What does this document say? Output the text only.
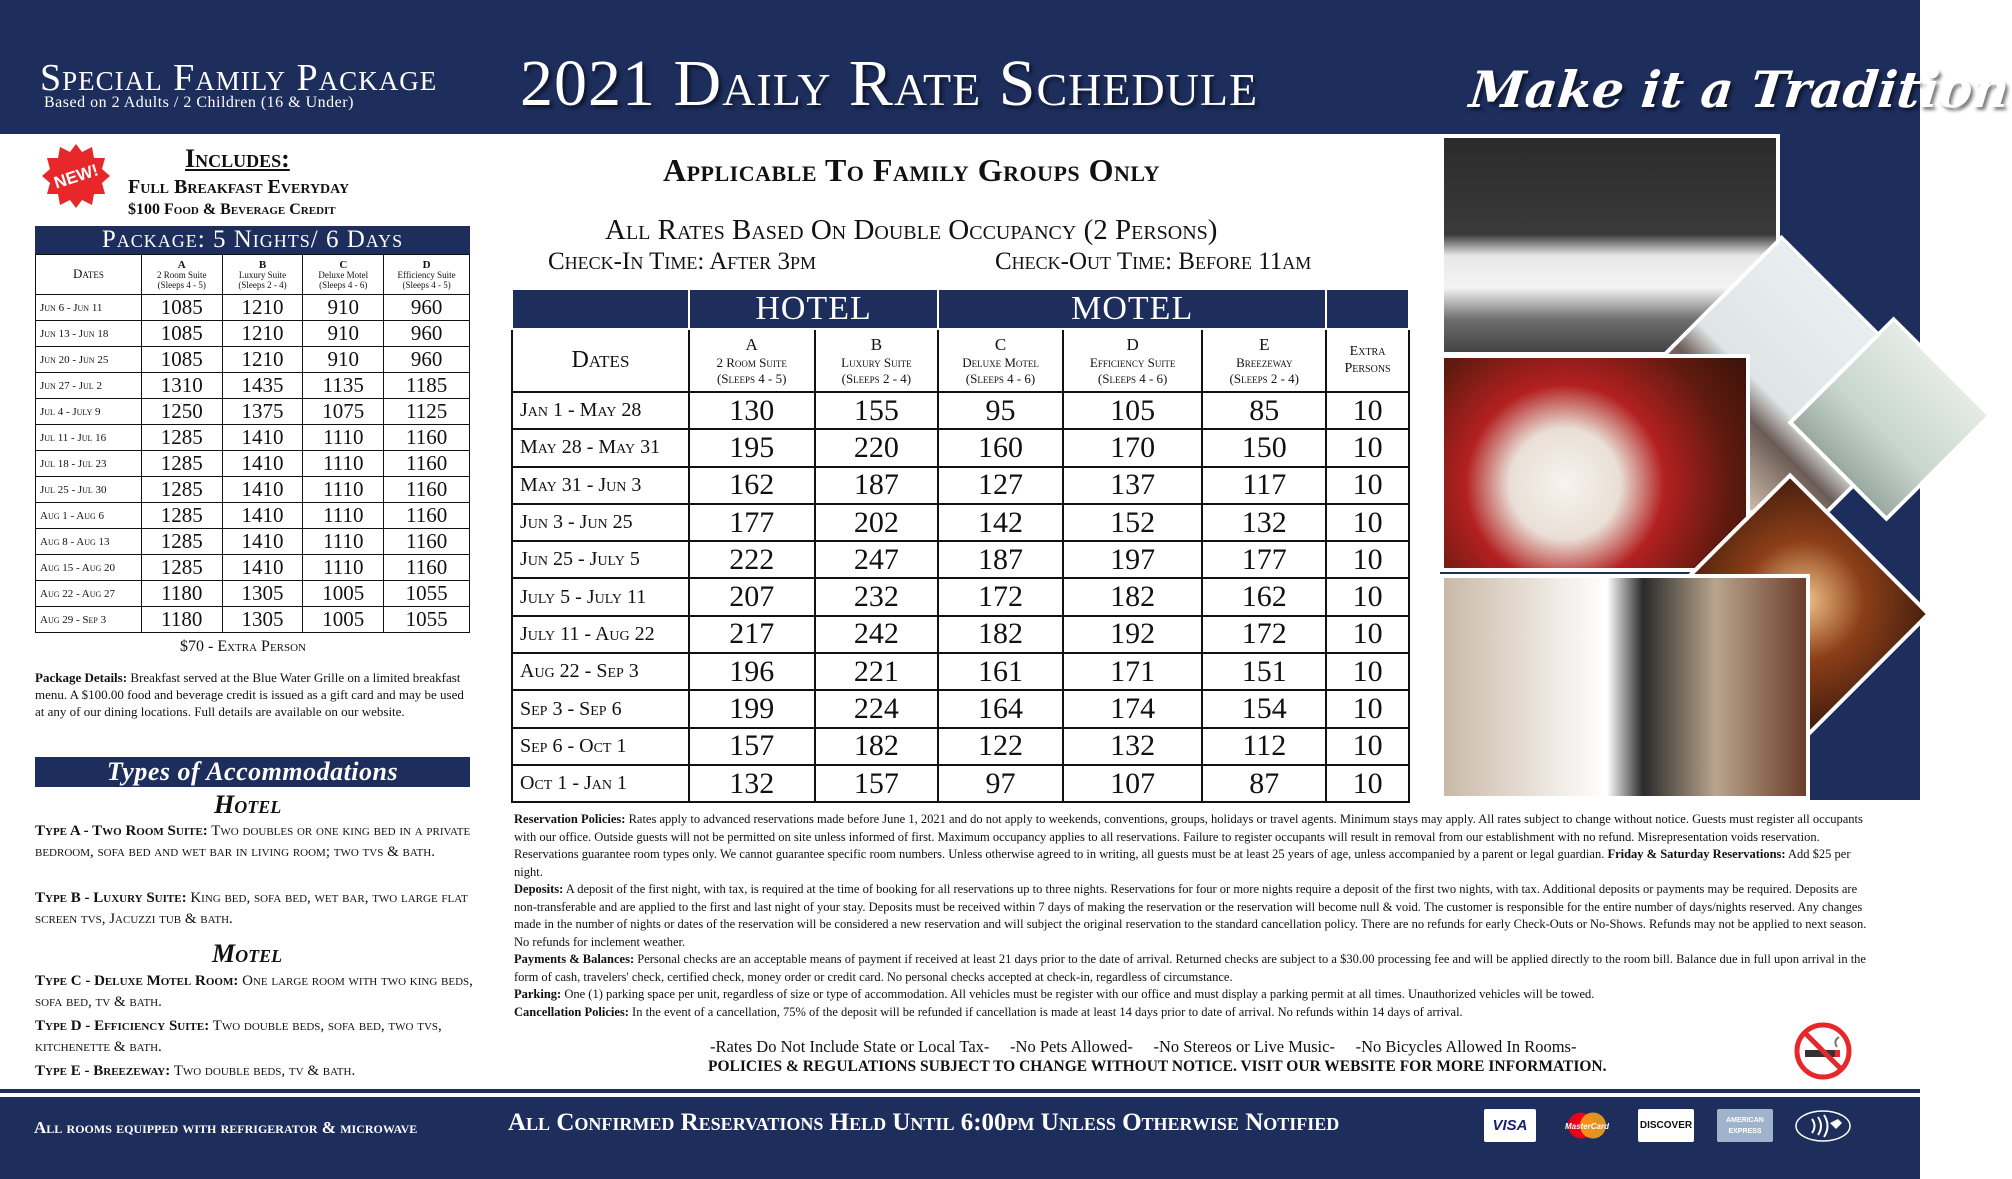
Special Family Package
Based on 2 Adults / 2 Children (16 & Under)	2021 Daily Rate Schedule	Make it a Tradition
NEW!
Includes:
Full Breakfast Everyday
$100 Food & Beverage Credit
Package: 5 Nights/ 6 Days
Dates	A
2 Room Suite
(Sleeps 4 - 5)	B
Luxury Suite
(Sleeps 2 - 4)	C
Deluxe Motel
(Sleeps 4 - 6)	D
Efficiency Suite
(Sleeps 4 - 5)
Jun 6 - Jun 11	1085	1210	910	960
Jun 13 - Jun 18	1085	1210	910	960
Jun 20 - Jun 25	1085	1210	910	960
Jun 27 - Jul 2	1310	1435	1135	1185
Jul 4 - July 9	1250	1375	1075	1125
Jul 11 - Jul 16	1285	1410	1110	1160
Jul 18 - Jul 23	1285	1410	1110	1160
Jul 25 - Jul 30	1285	1410	1110	1160
Aug 1 - Aug 6	1285	1410	1110	1160
Aug 8 - Aug 13	1285	1410	1110	1160
Aug 15 - Aug 20	1285	1410	1110	1160
Aug 22 - Aug 27	1180	1305	1005	1055
Aug 29 - Sep 3	1180	1305	1005	1055
$70 - Extra Person
Package Details: Breakfast served at the Blue Water Grille on a limited breakfast menu. A $100.00 food and beverage credit is issued as a gift card and may be used at any of our dining locations. Full details are available on our website.
Types of Accommodations
Hotel
Type A - Two Room Suite: Two doubles or one king bed in a private bedroom, sofa bed and wet bar in living room; two tvs & bath.
Type B - Luxury Suite: King bed, sofa bed, wet bar, two large flat screen tvs, Jacuzzi tub & bath.
Motel
Type C - Deluxe Motel Room: One large room with two king beds, sofa bed, tv & bath.
Type D - Efficiency Suite: Two double beds, sofa bed, two tvs, kitchenette & bath.
Type E - Breezeway: Two double beds, tv & bath.
Applicable To Family Groups Only
All Rates Based On Double Occupancy (2 Persons)
Check-In Time: After 3pm	Check-Out Time: Before 11am
	HOTEL		MOTEL			
Dates	A
2 Room Suite
(Sleeps 4 - 5)	B
Luxury Suite
(Sleeps 2 - 4)	C
Deluxe Motel
(Sleeps 4 - 6)	D
Efficiency Suite
(Sleeps 4 - 6)	E
Breezeway
(Sleeps 2 - 4)	Extra Persons
Jan 1 - May 28	130	155	95	105	85	10
May 28 - May 31	195	220	160	170	150	10
May 31 - Jun 3	162	187	127	137	117	10
Jun 3 - Jun 25	177	202	142	152	132	10
Jun 25 - July 5	222	247	187	197	177	10
July 5 - July 11	207	232	172	182	162	10
July 11 - Aug 22	217	242	182	192	172	10
Aug 22 - Sep 3	196	221	161	171	151	10
Sep 3 - Sep 6	199	224	164	174	154	10
Sep 6 - Oct 1	157	182	122	132	112	10
Oct 1 - Jan 1	132	157	97	107	87	10
Reservation Policies: Rates apply to advanced reservations made before June 1, 2021 and do not apply to weekends, conventions, groups, holidays or travel agents. Minimum stays may apply. All rates subject to change without notice. Guests must register all occupants with our office. Outside guests will not be permitted on site unless informed of first. Maximum occupancy applies to all reservations. Failure to register occupants will result in removal from our establishment with no refund. Misrepresentation voids reservation. Reservations guarantee room types only. We cannot guarantee specific room numbers. Unless otherwise agreed to in writing, all guests must be at least 25 years of age, unless accompanied by a parent or legal guardian. Friday & Saturday Reservations: Add $25 per night.
Deposits: A deposit of the first night, with tax, is required at the time of booking for all reservations up to three nights. Reservations for four or more nights require a deposit of the first two nights, with tax. Additional deposits or payments may be required. Deposits are non-transferable and are applied to the first and last night of your stay. Deposits must be received within 7 days of making the reservation or the reservation will become null & void. The customer is responsible for the entire number of days/nights reserved. Any changes made in the number of nights or dates of the reservation will be considered a new reservation and will subject the original reservation to the standard cancellation policy. There are no refunds for early Check-Outs or No-Shows. Refunds may not be applied to next season. No refunds for inclement weather.
Payments & Balances: Personal checks are an acceptable means of payment if received at least 21 days prior to the date of arrival. Returned checks are subject to a $30.00 processing fee and will be applied directly to the room bill. Balance due in full upon arrival in the form of cash, travelers' check, certified check, money order or credit card. No personal checks accepted at check-in, regardless of circumstance.
Parking: One (1) parking space per unit, regardless of size or type of accommodation. All vehicles must be register with our office and must display a parking permit at all times. Unauthorized vehicles will be towed.
Cancellation Policies: In the event of a cancellation, 75% of the deposit will be refunded if cancellation is made at least 14 days prior to date of arrival. No refunds within 14 days of arrival.
-Rates Do Not Include State or Local Tax-     -No Pets Allowed-     -No Stereos or Live Music-     -No Bicycles Allowed In Rooms-
POLICIES & REGULATIONS SUBJECT TO CHANGE WITHOUT NOTICE. VISIT OUR WEBSITE FOR MORE INFORMATION.
All rooms equipped with refrigerator & microwave	All Confirmed Reservations Held Until 6:00pm Unless Otherwise Notified	VISA	MasterCard	DISCOVER	AMERICAN EXPRESS
